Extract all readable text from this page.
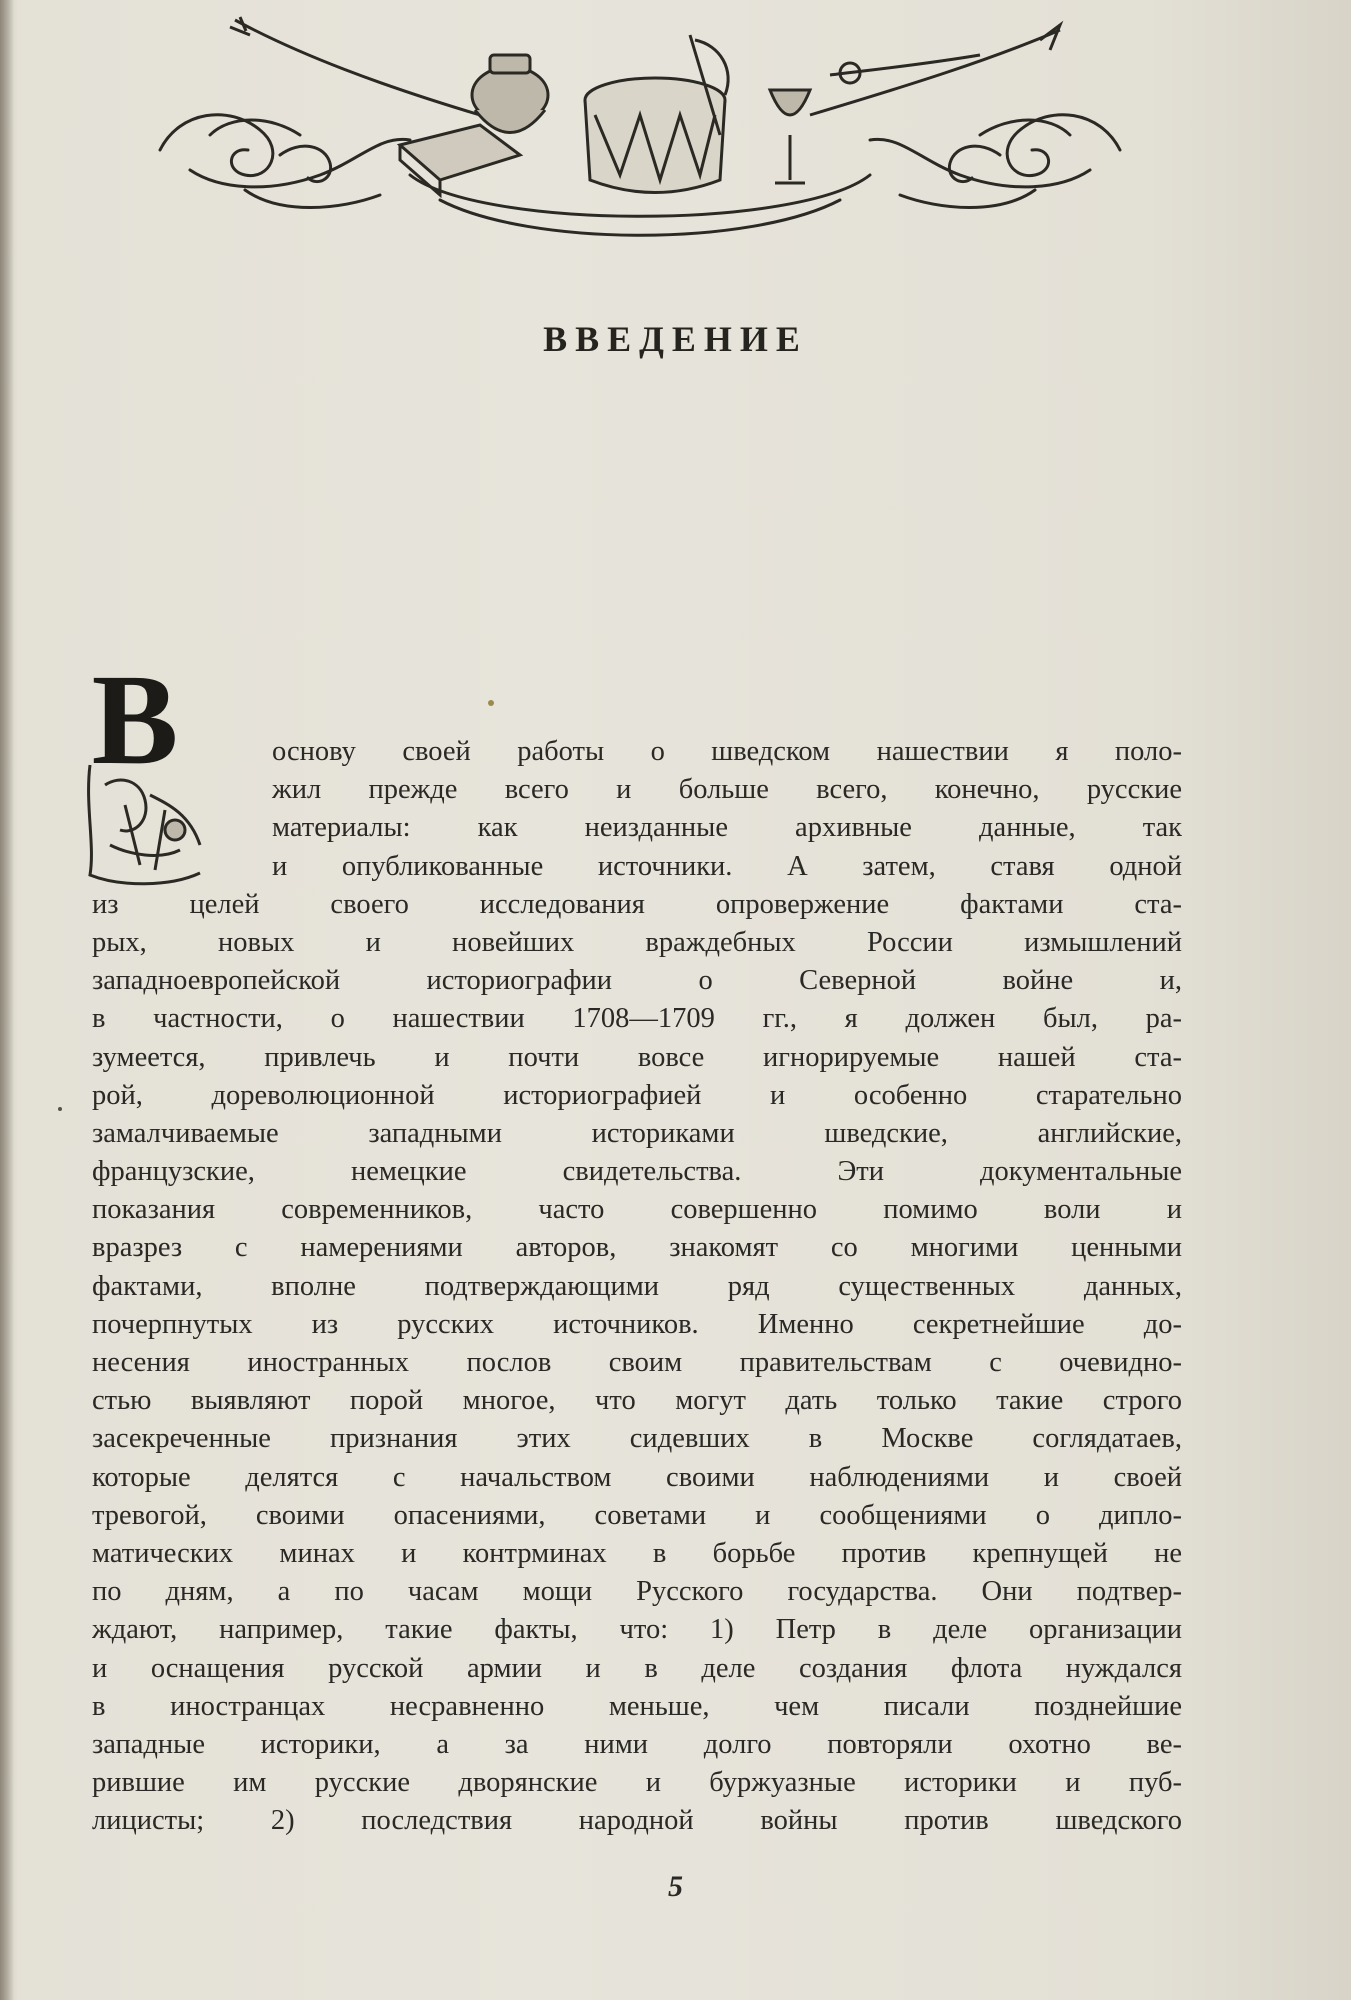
ВВЕДЕНИЕ
В	основу своей работы о шведском нашествии я поло-
жил прежде всего и больше всего, конечно, русские
материалы: как неизданные архивные данные, так
и опубликованные источники. А затем, ставя одной
из целей своего исследования опровержение фактами ста-
рых, новых и новейших враждебных России измышлений
западноевропейской историографии о Северной войне и,
в частности, о нашествии 1708—1709 гг., я должен был, ра-
зумеется, привлечь и почти вовсе игнорируемые нашей ста-
рой, дореволюционной историографией и особенно старательно
замалчиваемые западными историками шведские, английские,
французские, немецкие свидетельства. Эти документальные
показания современников, часто совершенно помимо воли и
вразрез с намерениями авторов, знакомят со многими ценными
фактами, вполне подтверждающими ряд существенных данных,
почерпнутых из русских источников. Именно секретнейшие до-
несения иностранных послов своим правительствам с очевидно-
стью выявляют порой многое, что могут дать только такие строго
засекреченные признания этих сидевших в Москве соглядатаев,
которые делятся с начальством своими наблюдениями и своей
тревогой, своими опасениями, советами и сообщениями о дипло-
матических минах и контрминах в борьбе против крепнущей не
по дням, а по часам мощи Русского государства. Они подтвер-
ждают, например, такие факты, что: 1) Петр в деле организации
и оснащения русской армии и в деле создания флота нуждался
в иностранцах несравненно меньше, чем писали позднейшие
западные историки, а за ними долго повторяли охотно ве-
рившие им русские дворянские и буржуазные историки и пуб-
лицисты; 2) последствия народной войны против шведского
5
